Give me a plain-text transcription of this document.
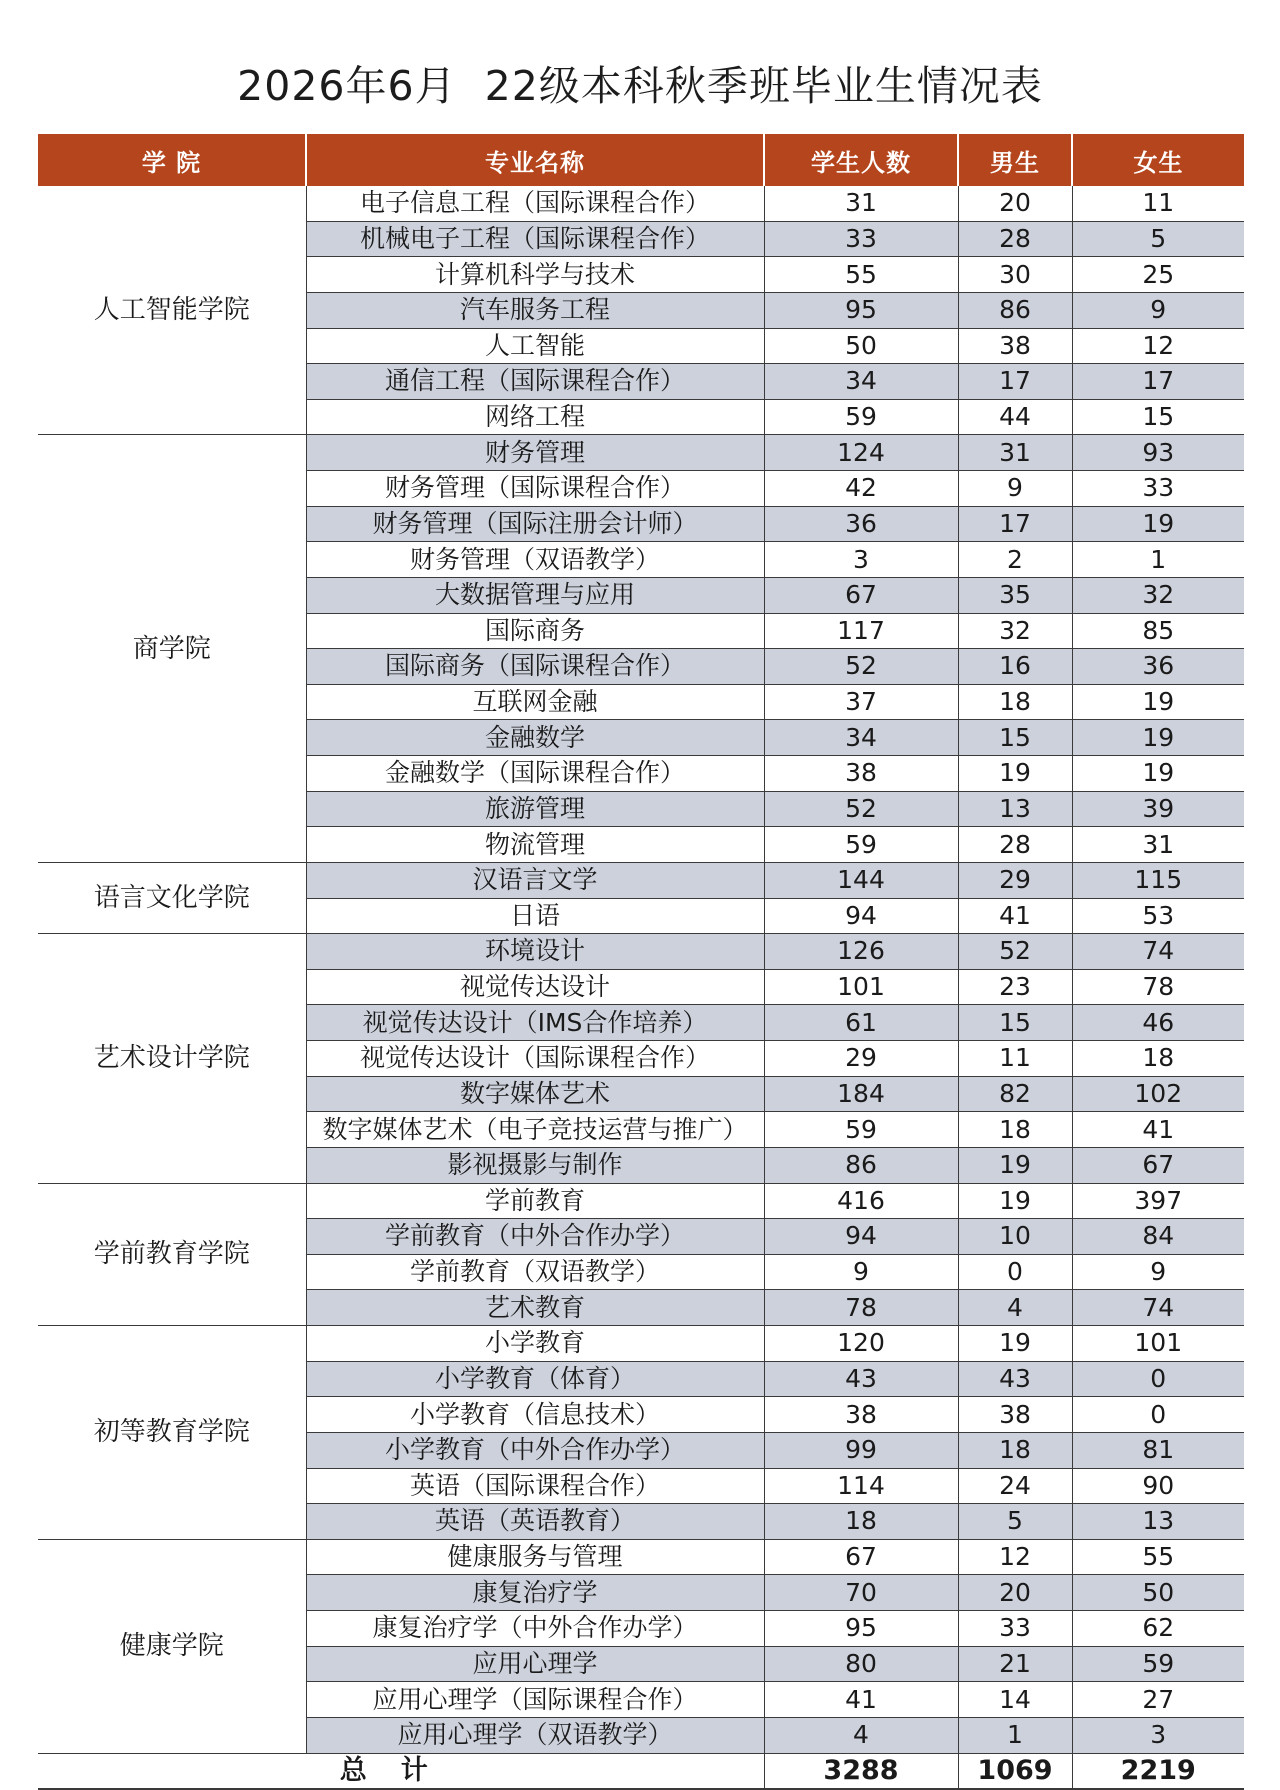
2026年6月  22级本科秋季班毕业生情况表
学 院	专业名称	学生人数	男生	女生
人工智能学院	电子信息工程（国际课程合作）	31	20	11
	机械电子工程（国际课程合作）	33	28	5
	计算机科学与技术	55	30	25
	汽车服务工程	95	86	9
	人工智能	50	38	12
	通信工程（国际课程合作）	34	17	17
	网络工程	59	44	15
商学院	财务管理	124	31	93
	财务管理（国际课程合作）	42	9	33
	财务管理（国际注册会计师）	36	17	19
	财务管理（双语教学）	3	2	1
	大数据管理与应用	67	35	32
	国际商务	117	32	85
	国际商务（国际课程合作）	52	16	36
	互联网金融	37	18	19
	金融数学	34	15	19
	金融数学（国际课程合作）	38	19	19
	旅游管理	52	13	39
	物流管理	59	28	31
语言文化学院	汉语言文学	144	29	115
	日语	94	41	53
艺术设计学院	环境设计	126	52	74
	视觉传达设计	101	23	78
	视觉传达设计（IMS合作培养）	61	15	46
	视觉传达设计（国际课程合作）	29	11	18
	数字媒体艺术	184	82	102
	数字媒体艺术（电子竞技运营与推广）	59	18	41
	影视摄影与制作	86	19	67
学前教育学院	学前教育	416	19	397
	学前教育（中外合作办学）	94	10	84
	学前教育（双语教学）	9	0	9
	艺术教育	78	4	74
初等教育学院	小学教育	120	19	101
	小学教育（体育）	43	43	0
	小学教育（信息技术）	38	38	0
	小学教育（中外合作办学）	99	18	81
	英语（国际课程合作）	114	24	90
	英语（英语教育）	18	5	13
健康学院	健康服务与管理	67	12	55
	康复治疗学	70	20	50
	康复治疗学（中外合作办学）	95	33	62
	应用心理学	80	21	59
	应用心理学（国际课程合作）	41	14	27
	应用心理学（双语教学）	4	1	3
总计		3288	1069	2219
